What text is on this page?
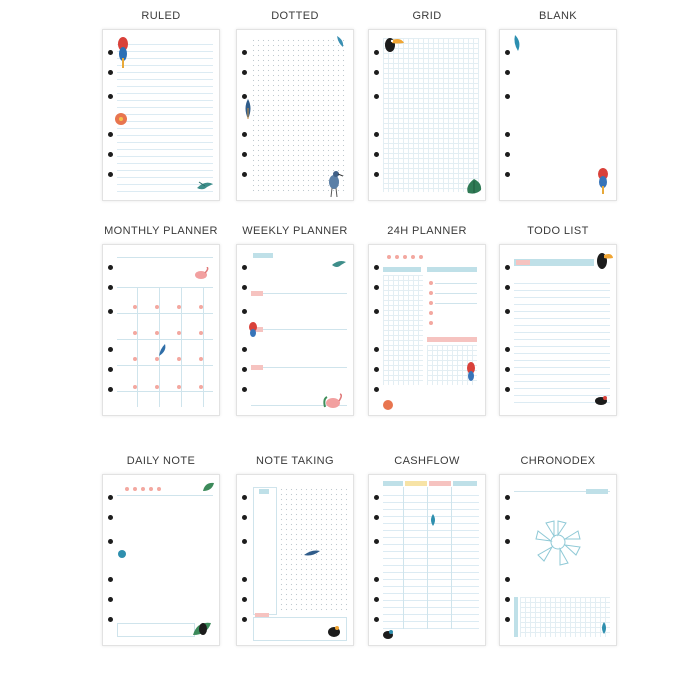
RULED	DOTTED	GRID	BLANK
MONTHLY PLANNER	WEEKLY PLANNER	24H PLANNER	TODO LIST
DAILY NOTE	NOTE TAKING	CASHFLOW	CHRONODEX
